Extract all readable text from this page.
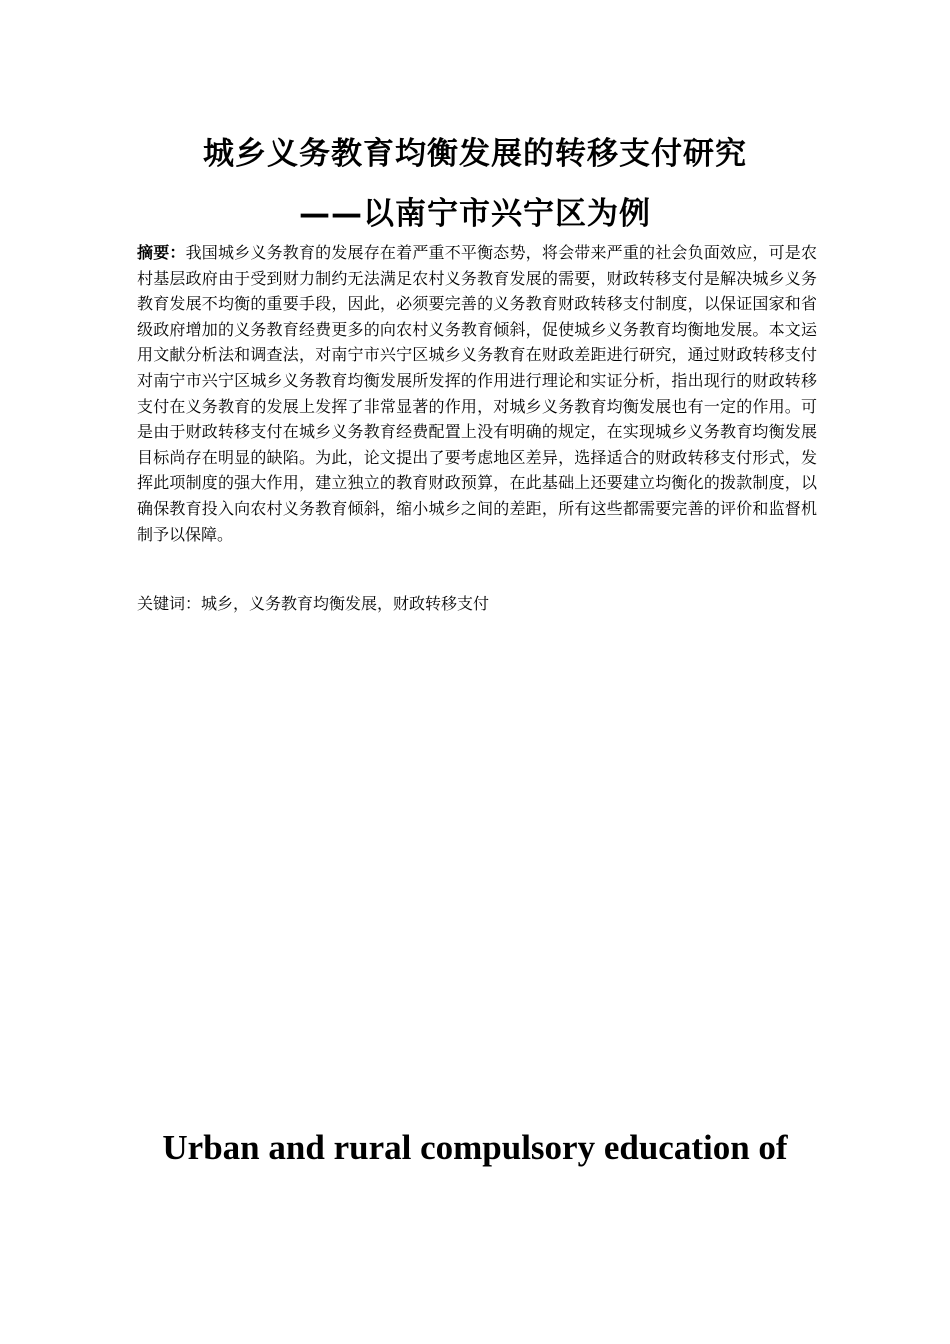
城乡义务教育均衡发展的转移支付研究
——以南宁市兴宁区为例

摘要：我国城乡义务教育的发展存在着严重不平衡态势，将会带来严重的社会负面效应，可是农村基层政府由于受到财力制约无法满足农村义务教育发展的需要，财政转移支付是解决城乡义务教育发展不均衡的重要手段，因此，必须要完善的义务教育财政转移支付制度，以保证国家和省级政府增加的义务教育经费更多的向农村义务教育倾斜，促使城乡义务教育均衡地发展。本文运用文献分析法和调查法，对南宁市兴宁区城乡义务教育在财政差距进行研究，通过财政转移支付对南宁市兴宁区城乡义务教育均衡发展所发挥的作用进行理论和实证分析，指出现行的财政转移支付在义务教育的发展上发挥了非常显著的作用，对城乡义务教育均衡发展也有一定的作用。可是由于财政转移支付在城乡义务教育经费配置上没有明确的规定，在实现城乡义务教育均衡发展目标尚存在明显的缺陷。为此，论文提出了要考虑地区差异，选择适合的财政转移支付形式，发挥此项制度的强大作用，建立独立的教育财政预算，在此基础上还要建立均衡化的拨款制度，以确保教育投入向农村义务教育倾斜，缩小城乡之间的差距，所有这些都需要完善的评价和监督机制予以保障。

关键词：城乡，义务教育均衡发展，财政转移支付

Urban and rural compulsory education of
